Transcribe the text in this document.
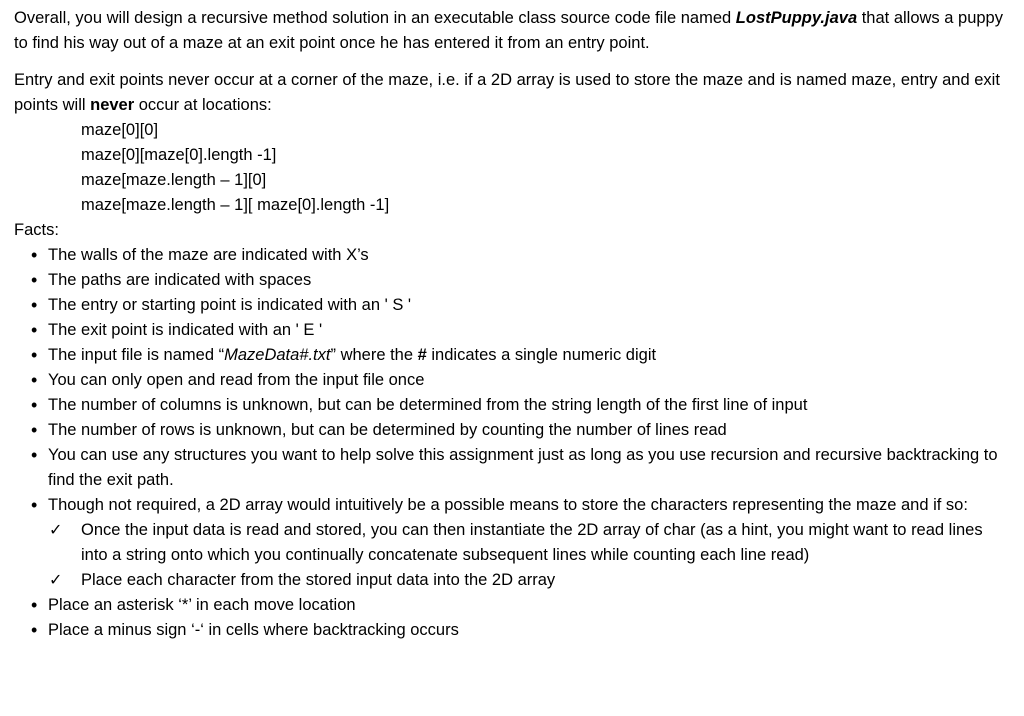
Overall, you will design a recursive method solution in an executable class source code file named LostPuppy.java that allows a puppy to find his way out of a maze at an exit point once he has entered it from an entry point.

Entry and exit points never occur at a corner of the maze, i.e. if a 2D array is used to store the maze and is named maze, entry and exit points will never occur at locations:

maze[0][0]
maze[0][maze[0].length -1]
maze[maze.length – 1][0]
maze[maze.length – 1][ maze[0].length -1]

Facts:

• The walls of the maze are indicated with X’s
• The paths are indicated with spaces
• The entry or starting point is indicated with an ' S '
• The exit point is indicated with an ' E '
• The input file is named “MazeData#.txt” where the # indicates a single numeric digit
• You can only open and read from the input file once
• The number of columns is unknown, but can be determined from the string length of the first line of input
• The number of rows is unknown, but can be determined by counting the number of lines read
• You can use any structures you want to help solve this assignment just as long as you use recursion and recursive backtracking to find the exit path.
• Though not required, a 2D array would intuitively be a possible means to store the characters representing the maze and if so:
✓ Once the input data is read and stored, you can then instantiate the 2D array of char (as a hint, you might want to read lines into a string onto which you continually concatenate subsequent lines while counting each line read)
✓ Place each character from the stored input data into the 2D array
• Place an asterisk ‘*’ in each move location
• Place a minus sign ‘-‘ in cells where backtracking occurs
